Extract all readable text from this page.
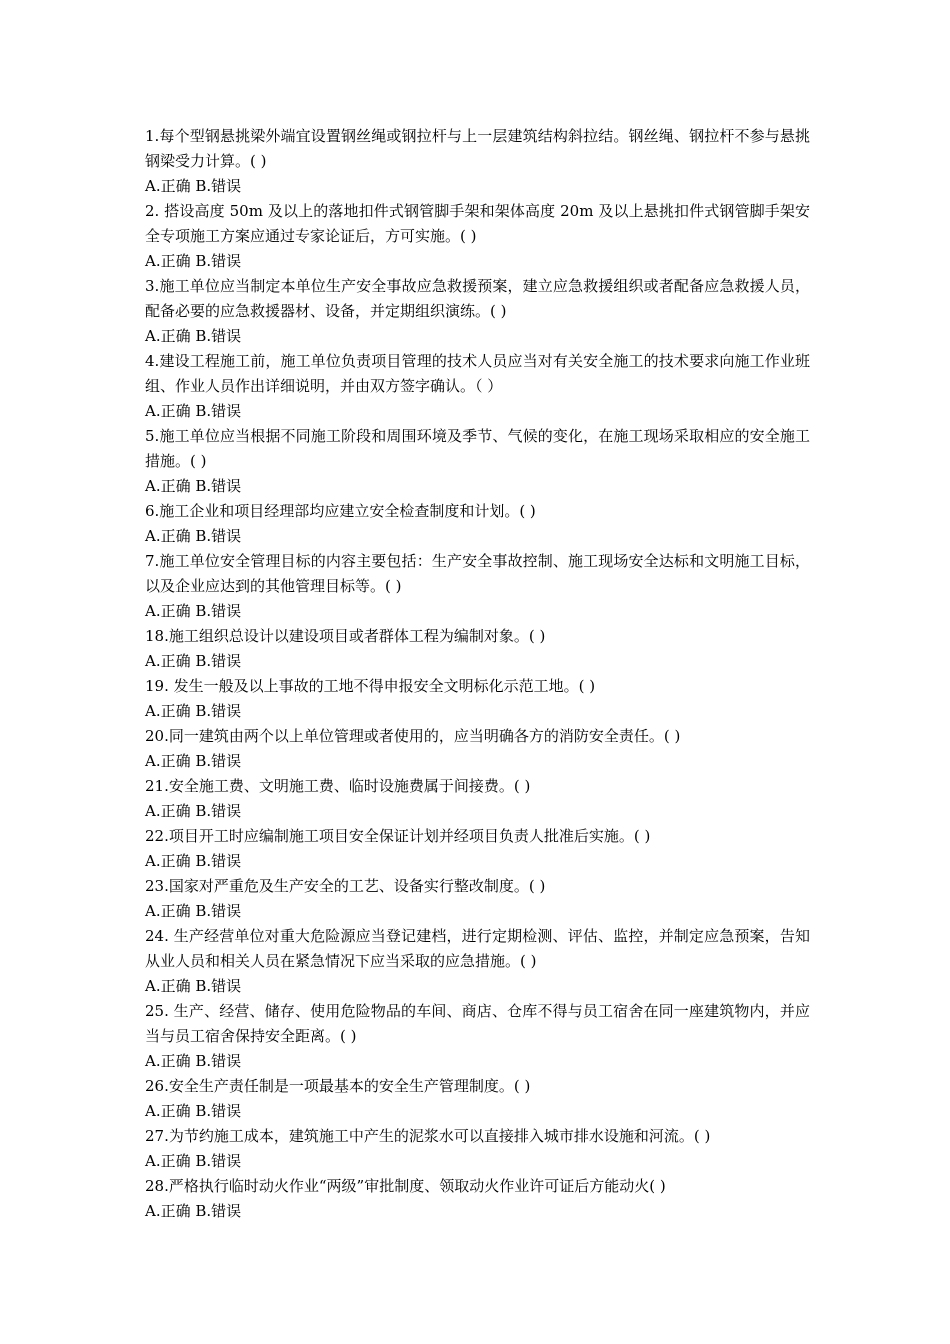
1.每个型钢悬挑梁外端宜设置钢丝绳或钢拉杆与上一层建筑结构斜拉结。钢丝绳、钢拉杆不参与悬挑钢梁受力计算。( )

A.正确 B.错误

2. 搭设高度 50m 及以上的落地扣件式钢管脚手架和架体高度 20m 及以上悬挑扣件式钢管脚手架安全专项施工方案应通过专家论证后，方可实施。( )

A.正确 B.错误

3.施工单位应当制定本单位生产安全事故应急救援预案，建立应急救援组织或者配备应急救援人员，配备必要的应急救援器材、设备，并定期组织演练。( )

A.正确 B.错误

4.建设工程施工前，施工单位负责项目管理的技术人员应当对有关安全施工的技术要求向施工作业班组、作业人员作出详细说明，并由双方签字确认。（ ）

A.正确 B.错误

5.施工单位应当根据不同施工阶段和周围环境及季节、气候的变化，在施工现场采取相应的安全施工措施。( )

A.正确 B.错误

6.施工企业和项目经理部均应建立安全检查制度和计划。( )

A.正确 B.错误

7.施工单位安全管理目标的内容主要包括：生产安全事故控制、施工现场安全达标和文明施工目标，以及企业应达到的其他管理目标等。( )

A.正确 B.错误

18.施工组织总设计以建设项目或者群体工程为编制对象。( )

A.正确 B.错误

19. 发生一般及以上事故的工地不得申报安全文明标化示范工地。( )

A.正确 B.错误

20.同一建筑由两个以上单位管理或者使用的，应当明确各方的消防安全责任。( )

A.正确 B.错误

21.安全施工费、文明施工费、临时设施费属于间接费。( )

A.正确 B.错误

22.项目开工时应编制施工项目安全保证计划并经项目负责人批准后实施。( )

A.正确 B.错误

23.国家对严重危及生产安全的工艺、设备实行整改制度。( )

A.正确 B.错误

24. 生产经营单位对重大危险源应当登记建档，进行定期检测、评估、监控，并制定应急预案，告知从业人员和相关人员在紧急情况下应当采取的应急措施。( )

A.正确 B.错误

25. 生产、经营、储存、使用危险物品的车间、商店、仓库不得与员工宿舍在同一座建筑物内，并应当与员工宿舍保持安全距离。( )

A.正确 B.错误

26.安全生产责任制是一项最基本的安全生产管理制度。( )

A.正确 B.错误

27.为节约施工成本，建筑施工中产生的泥浆水可以直接排入城市排水设施和河流。( )

A.正确 B.错误

28.严格执行临时动火作业“两级”审批制度、领取动火作业许可证后方能动火( )

A.正确 B.错误
